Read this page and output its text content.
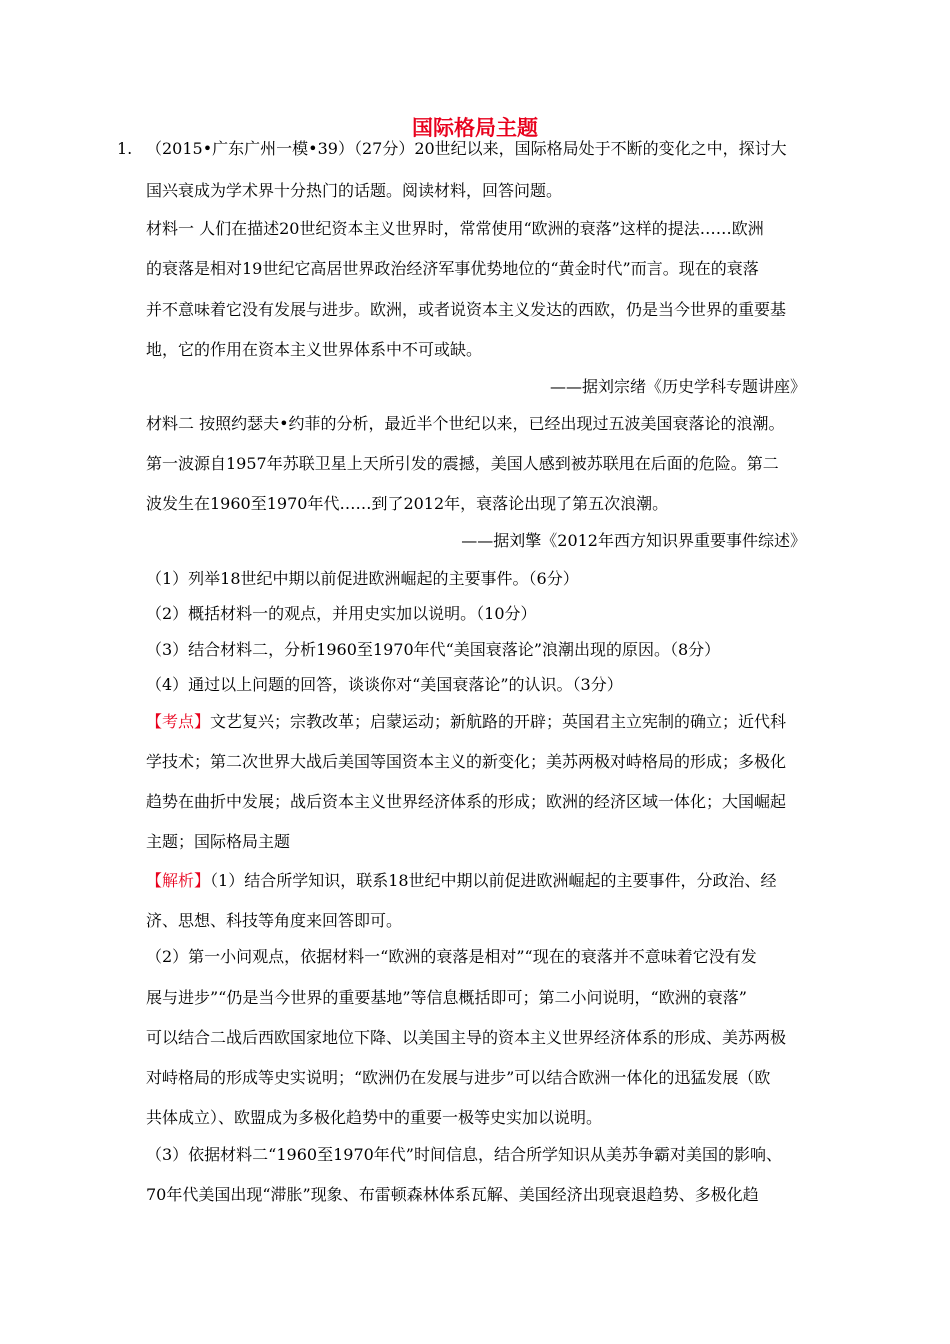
国际格局主题
1. （2015•广东广州一模•39）（27分）20世纪以来，国际格局处于不断的变化之中，探讨大
国兴衰成为学术界十分热门的话题。阅读材料，回答问题。
材料一 人们在描述20世纪资本主义世界时，常常使用“欧洲的衰落”这样的提法……欧洲
的衰落是相对19世纪它高居世界政治经济军事优势地位的“黄金时代”而言。现在的衰落
并不意味着它没有发展与进步。欧洲，或者说资本主义发达的西欧，仍是当今世界的重要基
地，它的作用在资本主义世界体系中不可或缺。
——据刘宗绪《历史学科专题讲座》
材料二 按照约瑟夫•约菲的分析，最近半个世纪以来，已经出现过五波美国衰落论的浪潮。
第一波源自1957年苏联卫星上天所引发的震撼，美国人感到被苏联甩在后面的危险。第二
波发生在1960至1970年代……到了2012年，衰落论出现了第五次浪潮。
——据刘擎《2012年西方知识界重要事件综述》
（1）列举18世纪中期以前促进欧洲崛起的主要事件。（6分）
（2）概括材料一的观点，并用史实加以说明。（10分）
（3）结合材料二，分析1960至1970年代“美国衰落论”浪潮出现的原因。（8分）
（4）通过以上问题的回答，谈谈你对“美国衰落论”的认识。（3分）
【考点】文艺复兴；宗教改革；启蒙运动；新航路的开辟；英国君主立宪制的确立；近代科
学技术；第二次世界大战后美国等国资本主义的新变化；美苏两极对峙格局的形成；多极化
趋势在曲折中发展；战后资本主义世界经济体系的形成；欧洲的经济区域一体化；大国崛起
主题；国际格局主题
【解析】（1）结合所学知识，联系18世纪中期以前促进欧洲崛起的主要事件，分政治、经
济、思想、科技等角度来回答即可。
（2）第一小问观点，依据材料一“欧洲的衰落是相对”“现在的衰落并不意味着它没有发
展与进步”“仍是当今世界的重要基地”等信息概括即可；第二小问说明，“欧洲的衰落”
可以结合二战后西欧国家地位下降、以美国主导的资本主义世界经济体系的形成、美苏两极
对峙格局的形成等史实说明；“欧洲仍在发展与进步”可以结合欧洲一体化的迅猛发展（欧
共体成立）、欧盟成为多极化趋势中的重要一极等史实加以说明。
（3）依据材料二“1960至1970年代”时间信息，结合所学知识从美苏争霸对美国的影响、
70年代美国出现“滞胀”现象、布雷顿森林体系瓦解、美国经济出现衰退趋势、多极化趋
